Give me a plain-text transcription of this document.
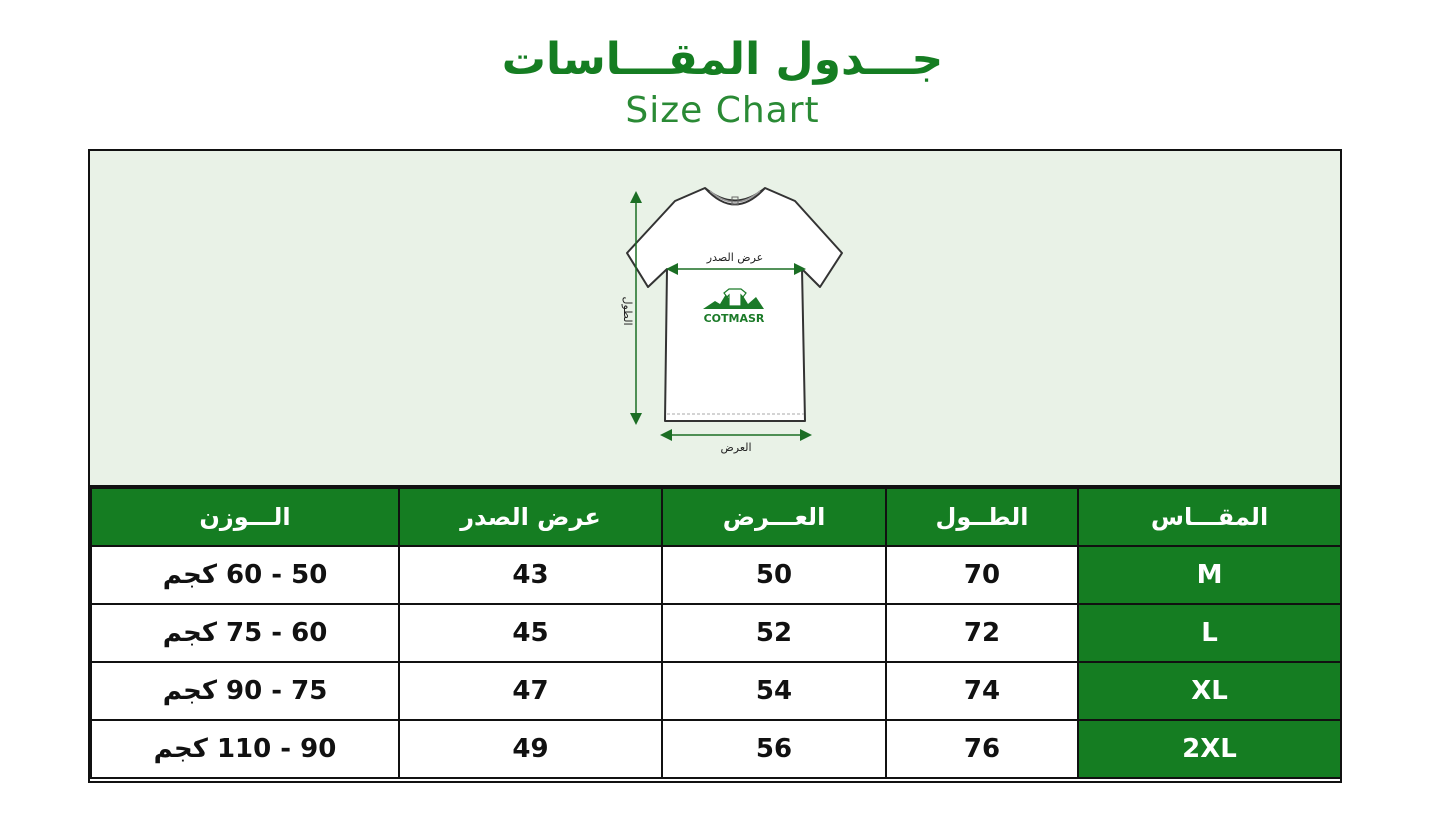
جـــدول المقـــاسات
Size Chart
عرض الصدر
الطول
العرض
COTMASR
الـــوزن	عرض الصدر	العـــرض	الطــول	المقـــاس
50 - 60 كجم	43	50	70	M
60 - 75 كجم	45	52	72	L
75 - 90 كجم	47	54	74	XL
90 - 110 كجم	49	56	76	2XL
